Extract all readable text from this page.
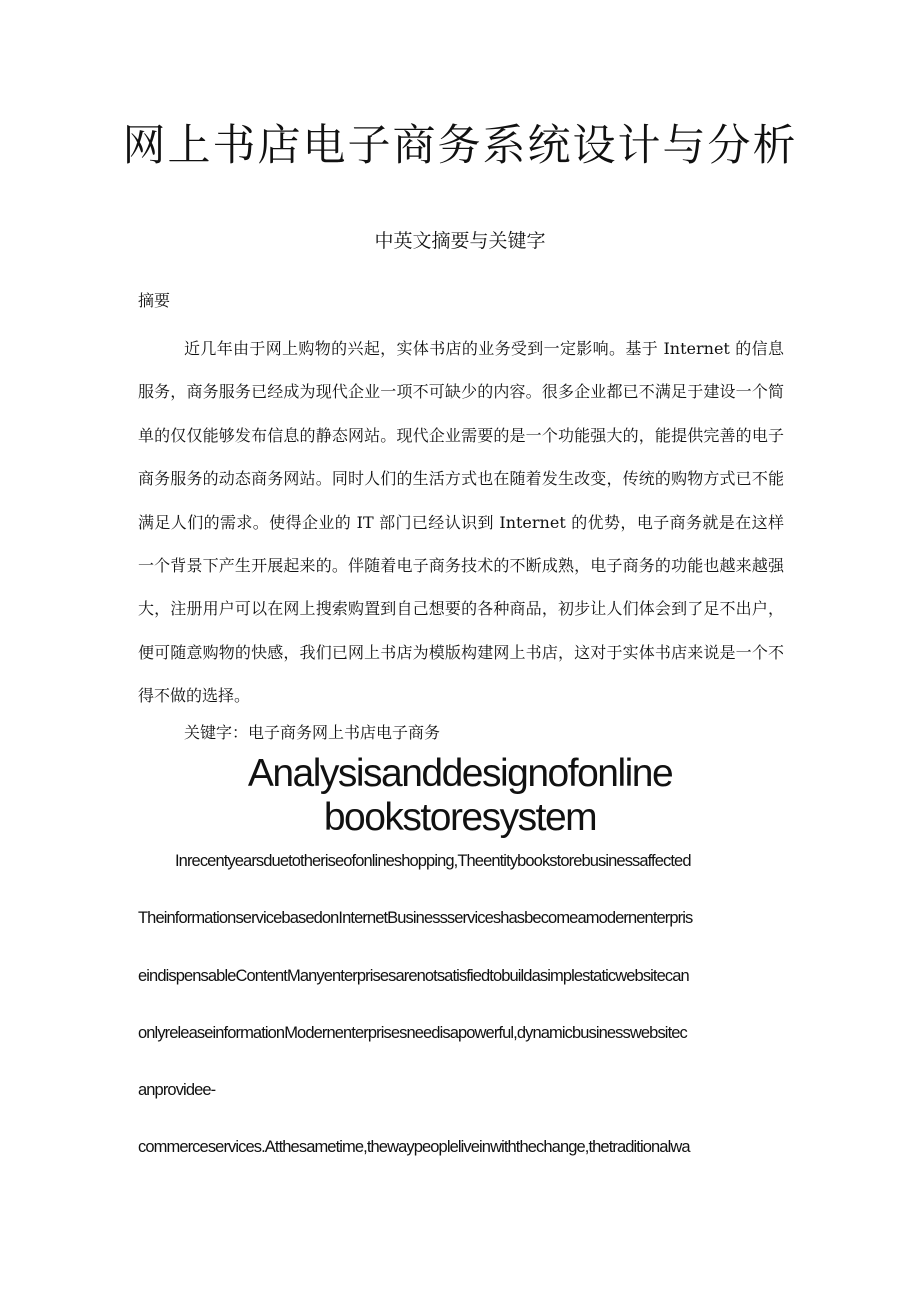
网上书店电子商务系统设计与分析
中英文摘要与关键字
摘要

近几年由于网上购物的兴起，实体书店的业务受到一定影响。基于 Internet 的信息服务，商务服务已经成为现代企业一项不可缺少的内容。很多企业都已不满足于建设一个简单的仅仅能够发布信息的静态网站。现代企业需要的是一个功能强大的，能提供完善的电子商务服务的动态商务网站。同时人们的生活方式也在随着发生改变，传统的购物方式已不能满足人们的需求。使得企业的 IT 部门已经认识到 Internet 的优势，电子商务就是在这样一个背景下产生开展起来的。伴随着电子商务技术的不断成熟，电子商务的功能也越来越强大，注册用户可以在网上搜索购置到自己想要的各种商品，初步让人们体会到了足不出户，便可随意购物的快感，我们已网上书店为模版构建网上书店，这对于实体书店来说是一个不得不做的选择。

关键字：电子商务网上书店电子商务
Analysisanddesignofonline
bookstoresystem
Inrecentyearsduetotheriseofonlineshopping,Theentitybookstorebusinessaffected
TheinformationservicebasedonInternetBusinessserviceshasbecomeamodernenterpris
eindispensableContentManyenterprisesarenotsatisfiedtobuildasimplestaticwebsitecan
onlyreleaseinformationModernenterprisesneedisapowerful,dynamicbusinesswebsitec
anprovidee-
commerceservices.Atthesametime,thewaypeopleliveinwiththechange,thetraditionalwa
